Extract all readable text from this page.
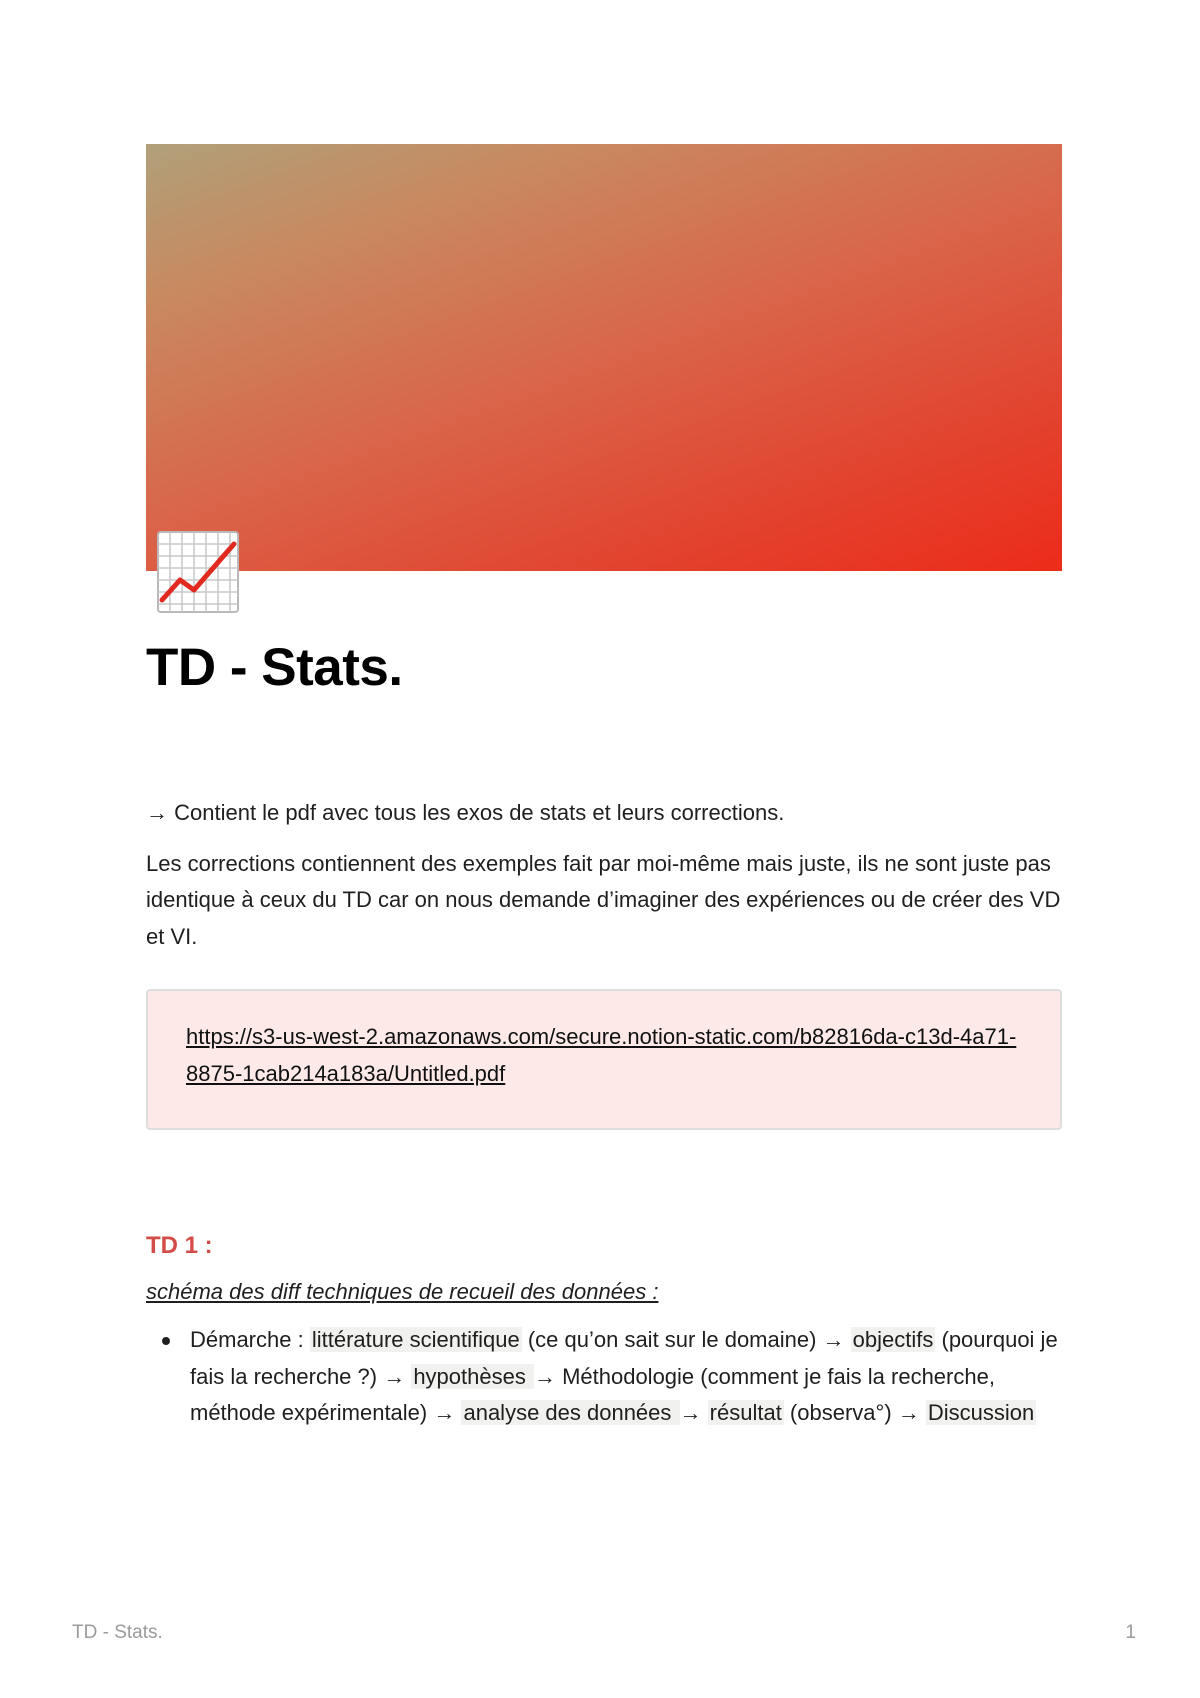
TD - Stats.

→ Contient le pdf avec tous les exos de stats et leurs corrections.

Les corrections contiennent des exemples fait par moi-même mais juste, ils ne sont juste pas identique à ceux du TD car on nous demande d’imaginer des expériences ou de créer des VD et VI.

https://s3-us-west-2.amazonaws.com/secure.notion-static.com/b82816da-c13d-4a71-8875-1cab214a183a/Untitled.pdf
TD 1 :

schéma des diff techniques de recueil des données :

Démarche : littérature scientifique (ce qu’on sait sur le domaine) → objectifs (pourquoi je fais la recherche ?) → hypothèses → Méthodologie (comment je fais la recherche, méthode expérimentale) → analyse des données → résultat (observa°) → Discussion
TD - Stats.	1
